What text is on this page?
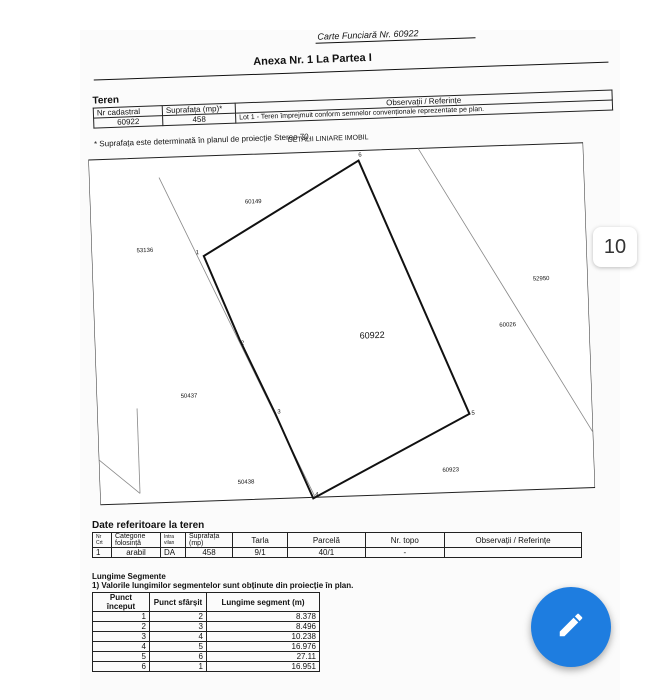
Carte Funciară Nr. 60922
Anexa Nr. 1 La Partea I
Teren
Nr cadastral	Suprafața (mp)*	Observații / Referințe
60922	458	Lot 1 - Teren împrejmuit conform semnelor convenționale reprezentate pe plan.
* Suprafața este determinată în planul de proiecție Stereo 70.
DETALII LINIARE IMOBIL
60922
60149
53136
52950
60026
50437
50438
60923
1
2
3
4
5
6
Date referitoare la teren
Nr Crt	Categorie folosință	Intra vilan	Suprafața (mp)	Tarla	Parcelă	Nr. topo	Observații / Referințe
1	arabil	DA	458	9/1	40/1	-	
Lungime Segmente
1) Valorile lungimilor segmentelor sunt obținute din proiecție în plan.
Punct început	Punct sfârșit	Lungime segment (m)
1	2	8.378
2	3	8.496
3	4	10.238
4	5	16.976
5	6	27.11
6	1	16.951
10
